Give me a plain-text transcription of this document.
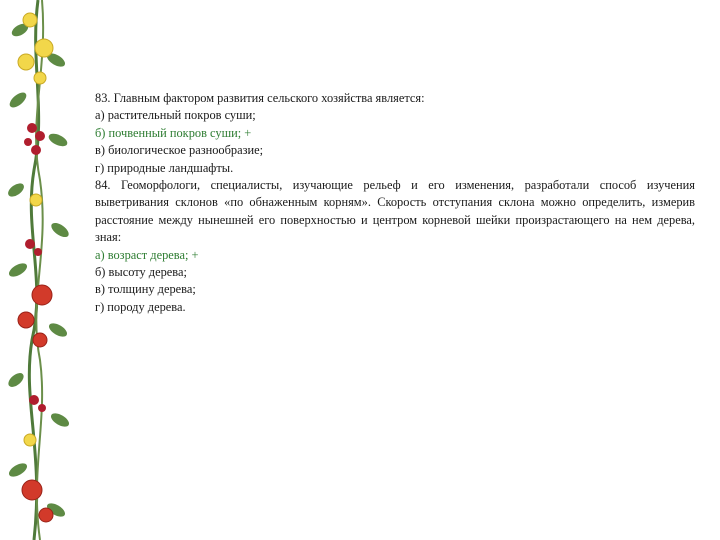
83. Главным фактором развития сельского хозяйства является:
а) растительный покров суши;
б) почвенный покров суши; +
в) биологическое разнообразие;
г) природные ландшафты.
84. Геоморфологи, специалисты, изучающие рельеф и его изменения, разработали способ изучения выветривания склонов «по обнаженным корням». Скорость отступания склона можно определить, измерив расстояние между нынешней его поверхностью и центром корневой шейки произрастающего на нем дерева, зная:
а) возраст дерева; +
б) высоту дерева;
в) толщину дерева;
г) породу дерева.
